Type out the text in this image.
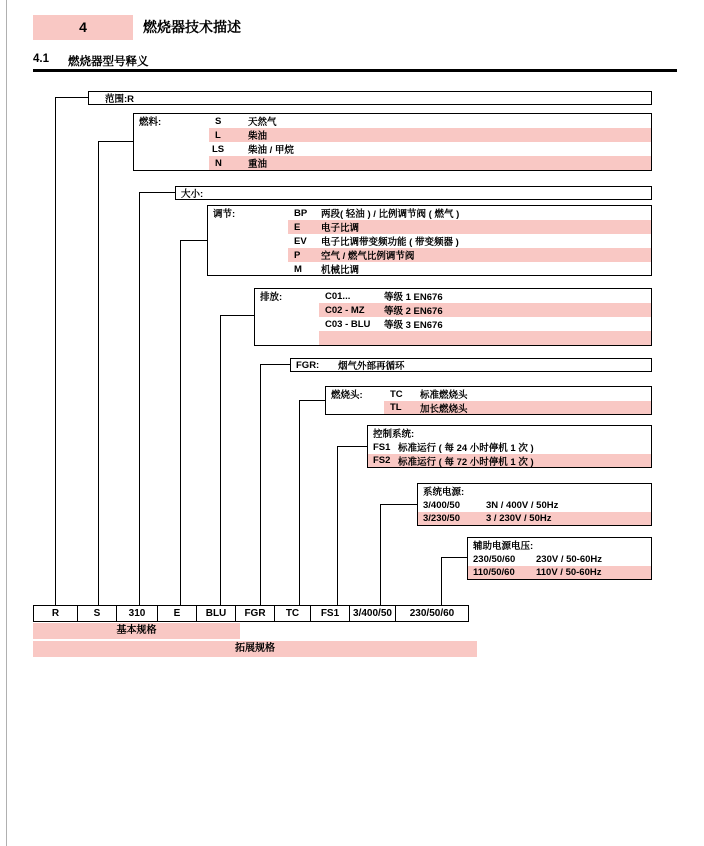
4	燃烧器技术描述
4.1 燃烧器型号释义
范围:R
燃料:	S	天然气
L	柴油
LS	柴油 / 甲烷
N	重油
大小:
调节:	BP 两段( 轻油 ) / 比例调节阀 ( 燃气 )
E 电子比调
EV 电子比调带变频功能 ( 带变频器 )
P 空气 / 燃气比例调节阀
M 机械比调
排放:	C01...	等级 1 EN676
C02 - MZ 等级 2 EN676
C03 - BLU 等级 3 EN676
FGR: 烟气外部再循环
燃烧头:	TC 标准燃烧头
TL 加长燃烧头
控制系统:
FS1 标准运行 ( 每 24 小时停机 1 次 )
FS2 标准运行 ( 每 72 小时停机 1 次 )
系统电源:
3/400/50	3N / 400V / 50Hz
3/230/50	3 / 230V / 50Hz
辅助电源电压:
230/50/60 230V / 50-60Hz
110/50/60 110V / 50-60Hz
R	S	310	E	BLU	FGR	TC	FS1	3/400/50	230/50/60
基本规格
拓展规格
